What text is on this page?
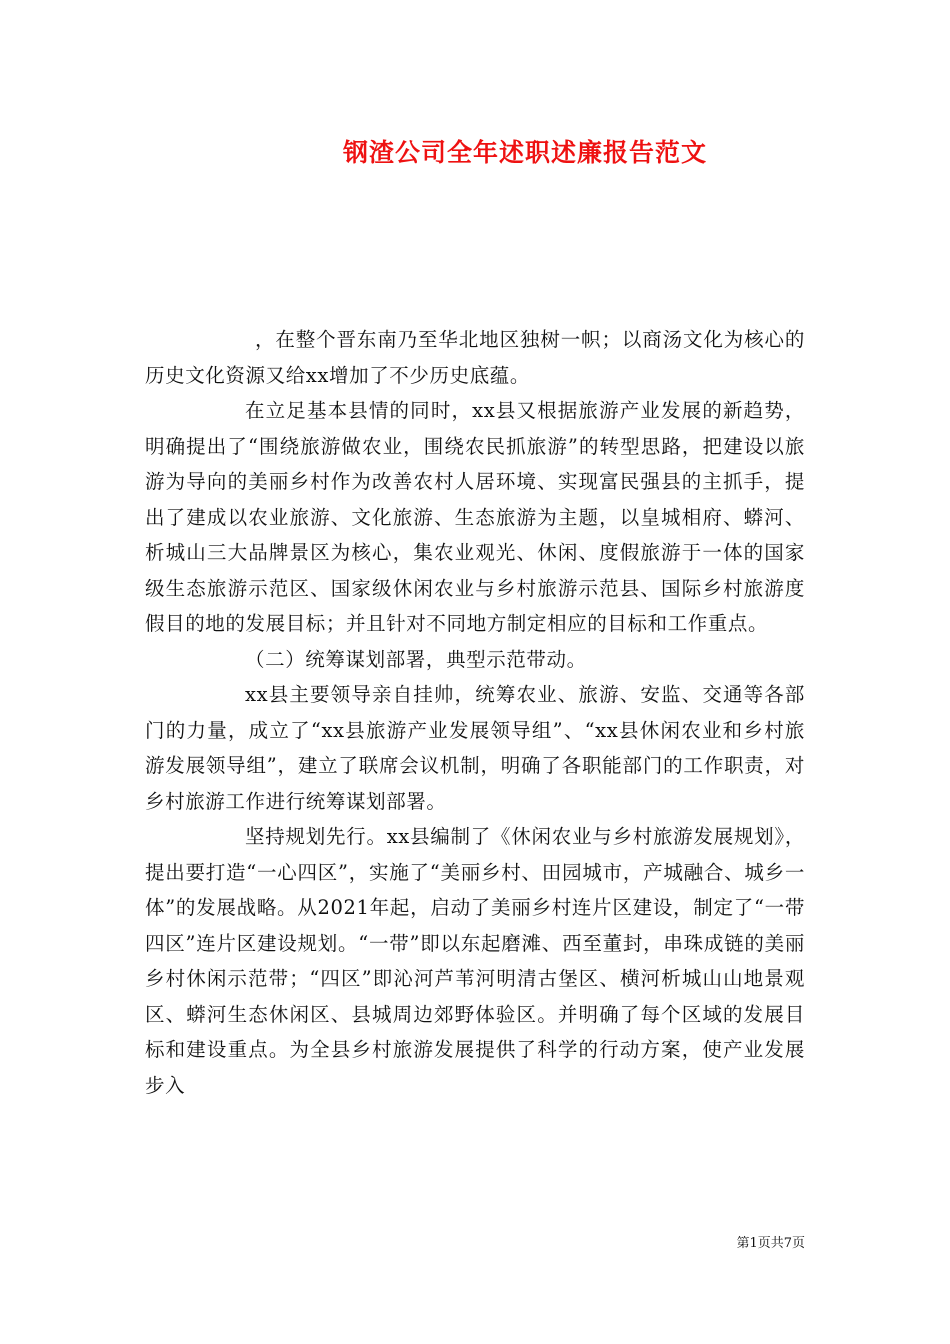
钢渣公司全年述职述廉报告范文

，在整个晋东南乃至华北地区独树一帜；以商汤文化为核心的历史文化资源又给xx增加了不少历史底蕴。

在立足基本县情的同时，xx县又根据旅游产业发展的新趋势，明确提出了“围绕旅游做农业，围绕农民抓旅游”的转型思路，把建设以旅游为导向的美丽乡村作为改善农村人居环境、实现富民强县的主抓手，提出了建成以农业旅游、文化旅游、生态旅游为主题，以皇城相府、蟒河、析城山三大品牌景区为核心，集农业观光、休闲、度假旅游于一体的国家级生态旅游示范区、国家级休闲农业与乡村旅游示范县、国际乡村旅游度假目的地的发展目标；并且针对不同地方制定相应的目标和工作重点。

（二）统筹谋划部署，典型示范带动。

xx县主要领导亲自挂帅，统筹农业、旅游、安监、交通等各部门的力量，成立了“xx县旅游产业发展领导组”、“xx县休闲农业和乡村旅游发展领导组”，建立了联席会议机制，明确了各职能部门的工作职责，对乡村旅游工作进行统筹谋划部署。

坚持规划先行。xx县编制了《休闲农业与乡村旅游发展规划》，提出要打造“一心四区”，实施了“美丽乡村、田园城市，产城融合、城乡一体”的发展战略。从2021年起，启动了美丽乡村连片区建设，制定了“一带四区”连片区建设规划。“一带”即以东起磨滩、西至董封，串珠成链的美丽乡村休闲示范带；“四区”即沁河芦苇河明清古堡区、横河析城山山地景观区、蟒河生态休闲区、县城周边郊野体验区。并明确了每个区域的发展目标和建设重点。为全县乡村旅游发展提供了科学的行动方案，使产业发展步入

第1页共7页
